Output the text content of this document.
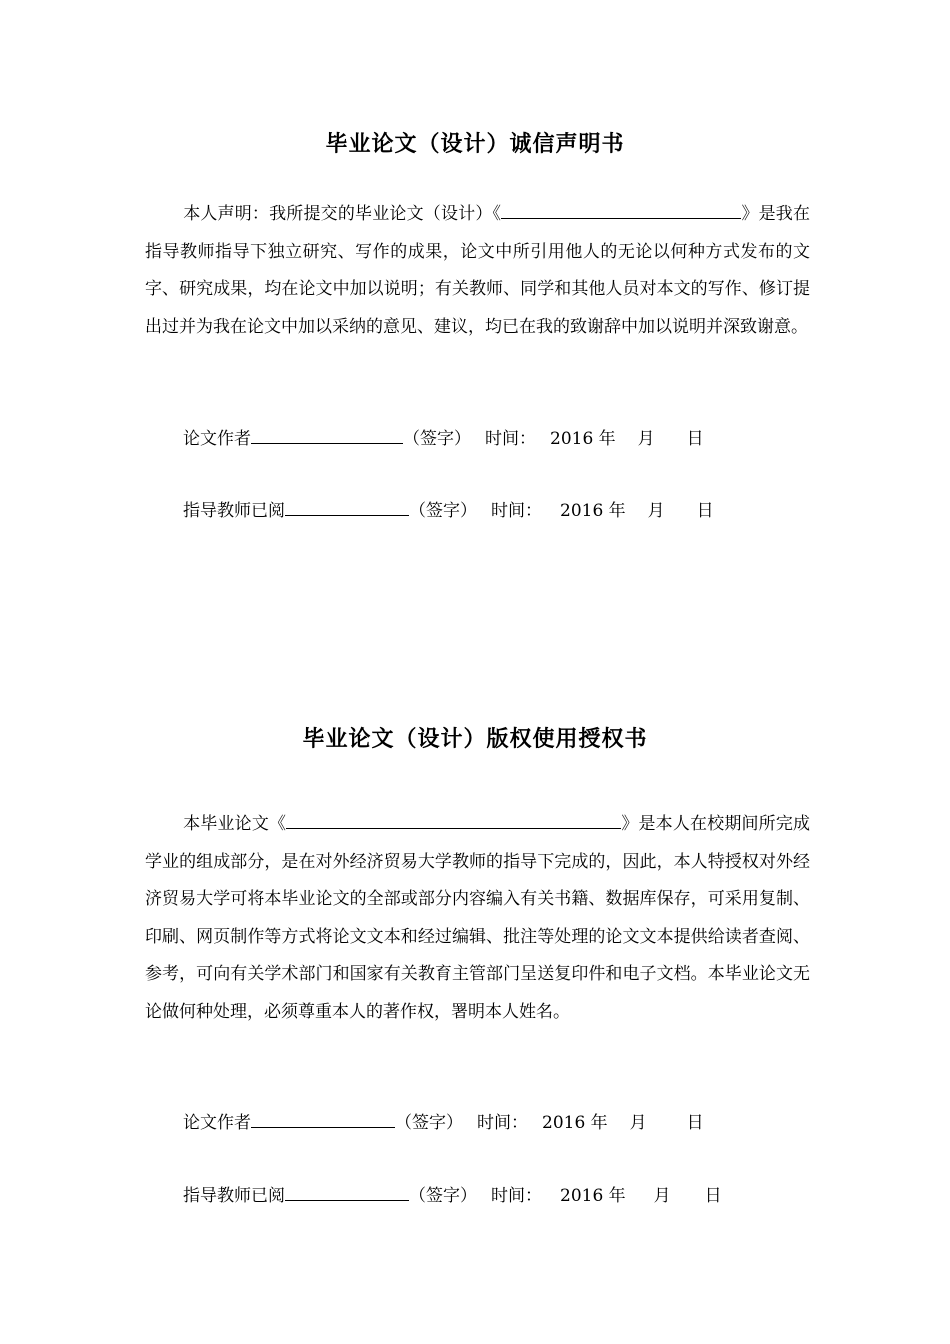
毕业论文（设计）诚信声明书
本人声明：我所提交的毕业论文（设计）《	》是我在指导教师指导下独立研究、写作的成果，论文中所引用他人的无论以何种方式发布的文字、研究成果，均在论文中加以说明；有关教师、同学和其他人员对本文的写作、修订提出过并为我在论文中加以采纳的意见、建议，均已在我的致谢辞中加以说明并深致谢意。
论文作者	（签字） 时间： 2016 年 月 日
指导教师已阅	（签字） 时间： 2016 年 月 日
毕业论文（设计）版权使用授权书
本毕业论文《	》是本人在校期间所完成学业的组成部分，是在对外经济贸易大学教师的指导下完成的，因此，本人特授权对外经济贸易大学可将本毕业论文的全部或部分内容编入有关书籍、数据库保存，可采用复制、印刷、网页制作等方式将论文文本和经过编辑、批注等处理的论文文本提供给读者查阅、参考，可向有关学术部门和国家有关教育主管部门呈送复印件和电子文档。本毕业论文无论做何种处理，必须尊重本人的著作权，署明本人姓名。
论文作者	（签字） 时间： 2016 年 月 日
指导教师已阅	（签字） 时间： 2016 年 月 日
